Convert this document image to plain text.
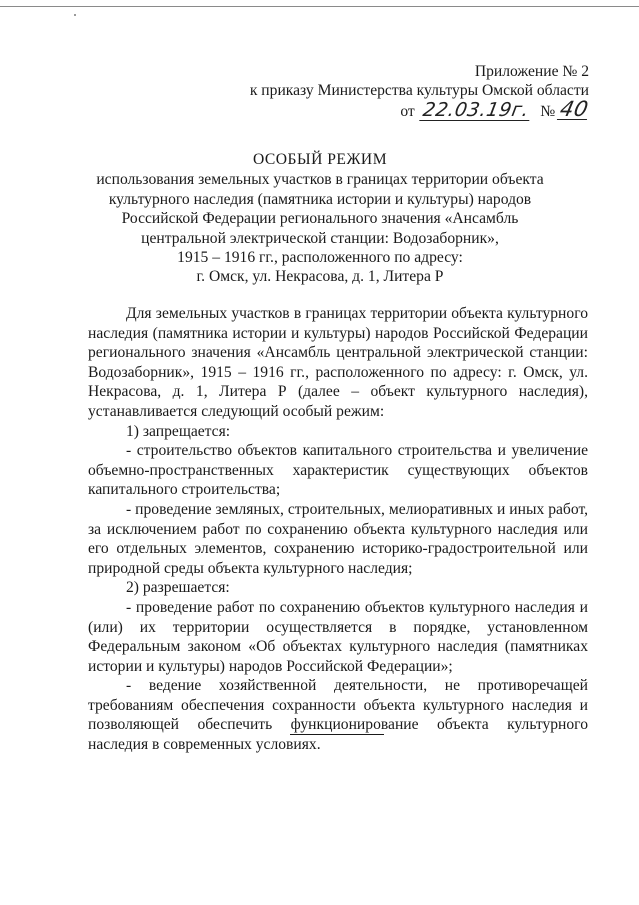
Приложение № 2
к приказу Министерства культуры Омской области
от 22.03.19г. № 40
ОСОБЫЙ РЕЖИМ
использования земельных участков в границах территории объекта
культурного наследия (памятника истории и культуры) народов
Российской Федерации регионального значения «Ансамбль
центральной электрической станции: Водозаборник»,
1915 – 1916 гг., расположенного по адресу:
г. Омск, ул. Некрасова, д. 1, Литера Р

Для земельных участков в границах территории объекта культурного наследия (памятника истории и культуры) народов Российской Федерации регионального значения «Ансамбль центральной электрической станции: Водозаборник», 1915 – 1916 гг., расположенного по адресу: г. Омск, ул. Некрасова, д. 1, Литера Р (далее – объект культурного наследия), устанавливается следующий особый режим:

1) запрещается:

- строительство объектов капитального строительства и увеличение объемно-пространственных характеристик существующих объектов капитального строительства;

- проведение земляных, строительных, мелиоративных и иных работ, за исключением работ по сохранению объекта культурного наследия или его отдельных элементов, сохранению историко-градостроительной или природной среды объекта культурного наследия;

2) разрешается:

- проведение работ по сохранению объектов культурного наследия и (или) их территории осуществляется в порядке, установленном Федеральным законом «Об объектах культурного наследия (памятниках истории и культуры) народов Российской Федерации»;

- ведение хозяйственной деятельности, не противоречащей требованиям обеспечения сохранности объекта культурного наследия и позволяющей обеспечить функционирование объекта культурного наследия в современных условиях.
